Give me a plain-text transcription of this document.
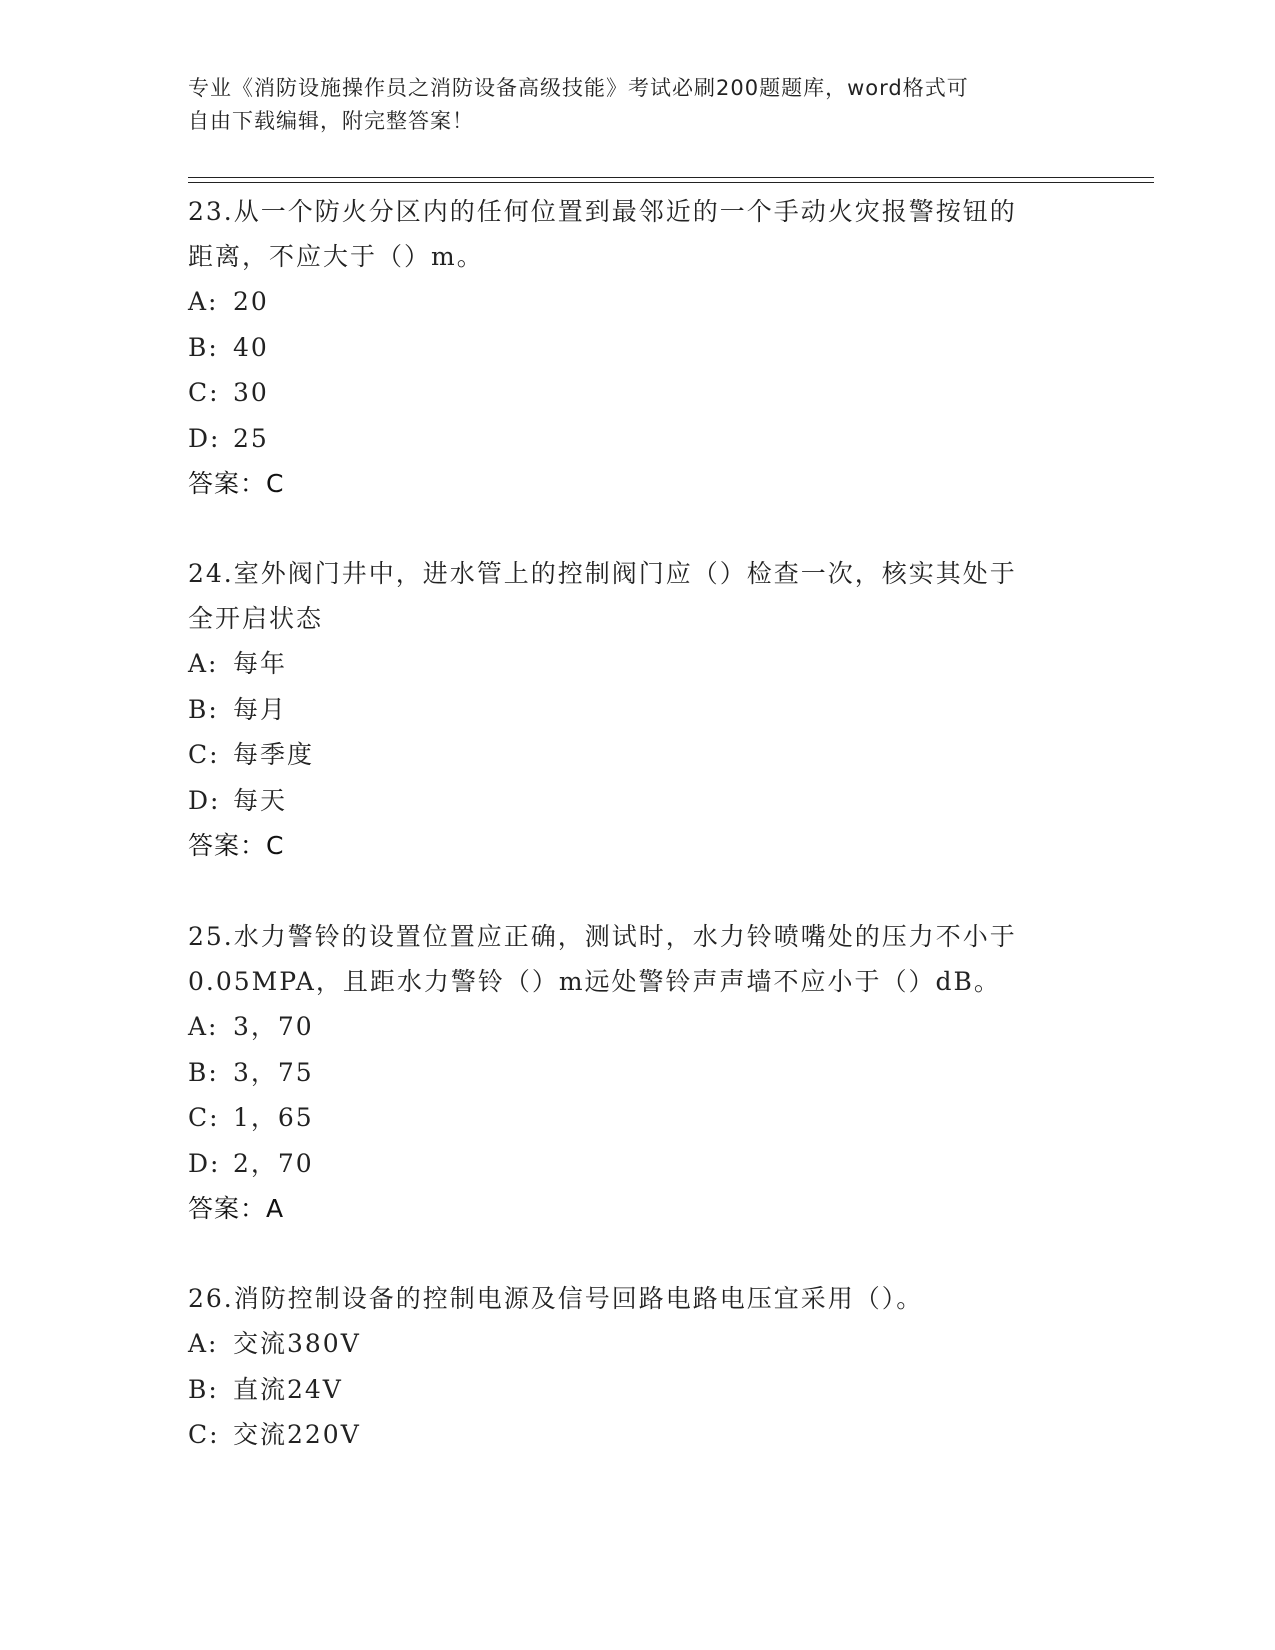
专业《消防设施操作员之消防设备高级技能》考试必刷200题题库，word格式可
自由下载编辑，附完整答案！
23.从一个防火分区内的任何位置到最邻近的一个手动火灾报警按钮的
距离，不应大于（）m。
A: 20
B: 40
C: 30
D: 25
答案：C
24.室外阀门井中，进水管上的控制阀门应（）检查一次，核实其处于
全开启状态
A: 每年
B: 每月
C: 每季度
D: 每天
答案：C
25.水力警铃的设置位置应正确，测试时，水力铃喷嘴处的压力不小于
0.05MPA，且距水力警铃（）m远处警铃声声墙不应小于（）dB。
A: 3，70
B: 3，75
C: 1，65
D: 2，70
答案：A
26.消防控制设备的控制电源及信号回路电路电压宜采用（）。
A: 交流380V
B: 直流24V
C: 交流220V
